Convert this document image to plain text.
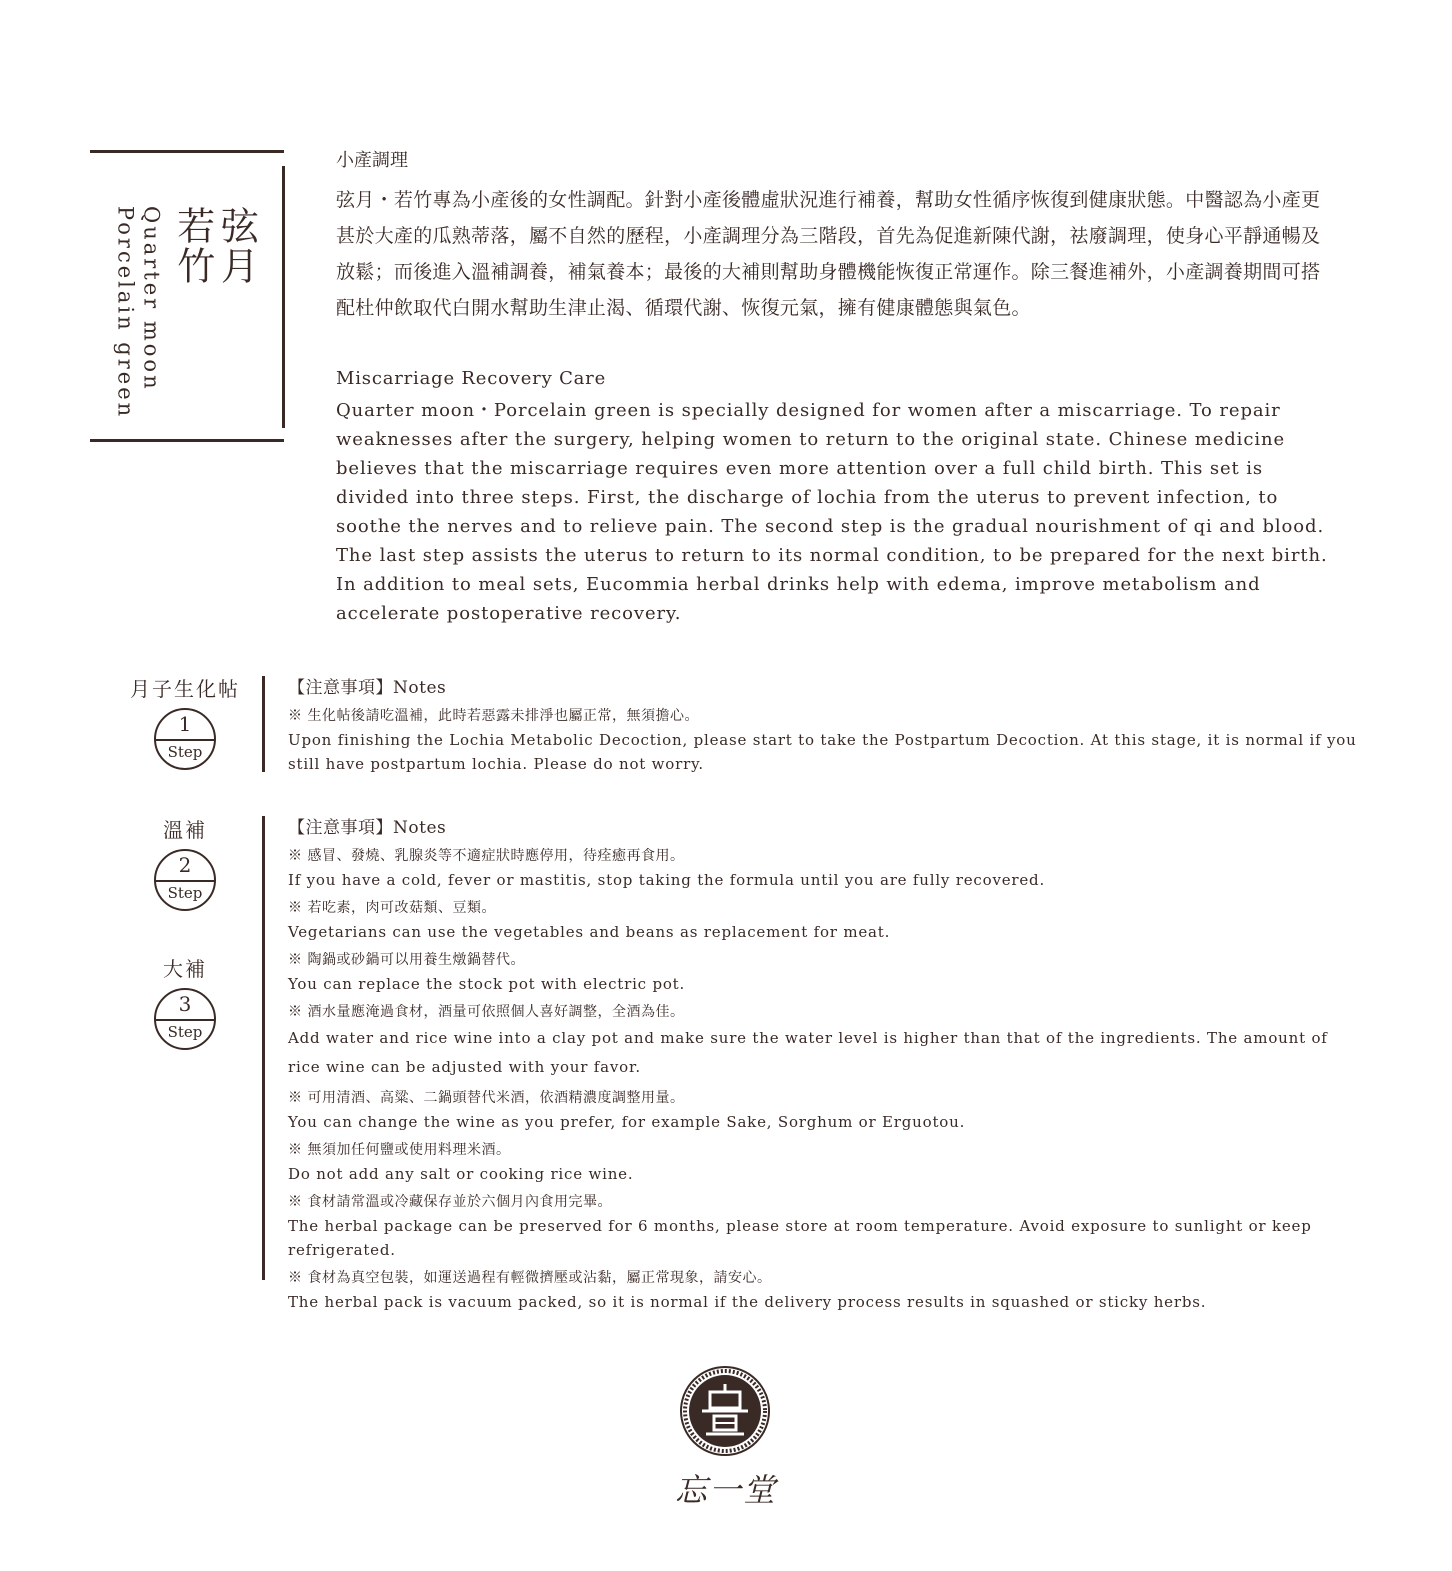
弦月
若竹
Quarter moon
Porcelain green

小產調理

弦月・若竹專為小產後的女性調配。針對小產後體虛狀況進行補養，幫助女性循序恢復到健康狀態。中醫認為小產更甚於大產的瓜熟蒂落，屬不自然的歷程，小產調理分為三階段，首先為促進新陳代謝，祛廢調理，使身心平靜通暢及放鬆；而後進入溫補調養，補氣養本；最後的大補則幫助身體機能恢復正常運作。除三餐進補外，小產調養期間可搭配杜仲飲取代白開水幫助生津止渴、循環代謝、恢復元氣，擁有健康體態與氣色。

Miscarriage Recovery Care

Quarter moon・Porcelain green is specially designed for women after a miscarriage. To repair weaknesses after the surgery, helping women to return to the original state. Chinese medicine believes that the miscarriage requires even more attention over a full child birth. This set is divided into three steps. First, the discharge of lochia from the uterus to prevent infection, to soothe the nerves and to relieve pain. The second step is the gradual nourishment of qi and blood. The last step assists the uterus to return to its normal condition, to be prepared for the next birth. In addition to meal sets, Eucommia herbal drinks help with edema, improve metabolism and accelerate postoperative recovery.

月子生化帖
1
Step
溫補
2
Step
大補
3
Step
【注意事項】Notes
※ 生化帖後請吃溫補，此時若惡露未排淨也屬正常，無須擔心。
Upon finishing the Lochia Metabolic Decoction, please start to take the Postpartum Decoction. At this stage, it is normal if you still have postpartum lochia. Please do not worry.
【注意事項】Notes
※ 感冒、發燒、乳腺炎等不適症狀時應停用，待痊癒再食用。
If you have a cold, fever or mastitis, stop taking the formula until you are fully recovered.
※ 若吃素，肉可改菇類、豆類。
Vegetarians can use the vegetables and beans as replacement for meat.
※ 陶鍋或砂鍋可以用養生燉鍋替代。
You can replace the stock pot with electric pot.
※ 酒水量應淹過食材，酒量可依照個人喜好調整，全酒為佳。
Add water and rice wine into a clay pot and make sure the water level is higher than that of the ingredients. The amount of rice wine can be adjusted with your favor.
※ 可用清酒、高粱、二鍋頭替代米酒，依酒精濃度調整用量。
You can change the wine as you prefer, for example Sake, Sorghum or Erguotou.
※ 無須加任何鹽或使用料理米酒。
Do not add any salt or cooking rice wine.
※ 食材請常溫或冷藏保存並於六個月內食用完畢。
The herbal package can be preserved for 6 months, please store at room temperature. Avoid exposure to sunlight or keep refrigerated.
※ 食材為真空包裝，如運送過程有輕微擠壓或沾黏，屬正常現象，請安心。
The herbal pack is vacuum packed, so it is normal if the delivery process results in squashed or sticky herbs.
忘一堂
